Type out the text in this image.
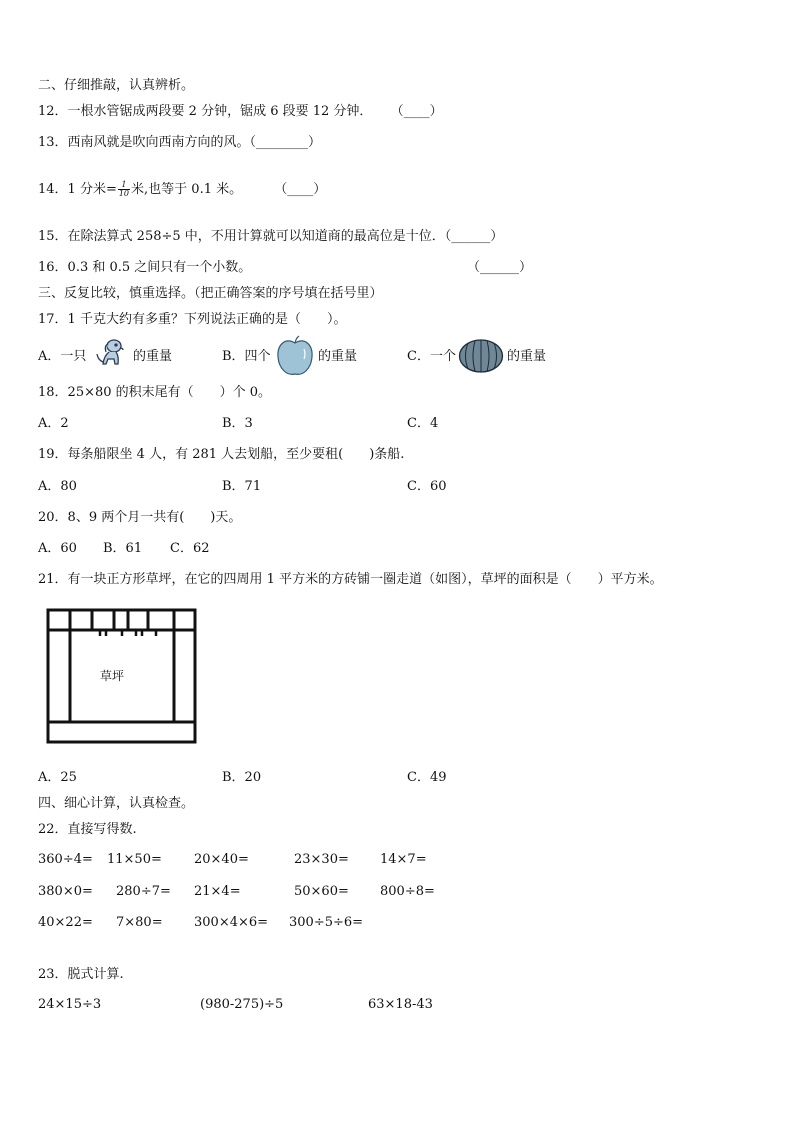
二、仔细推敲，认真辨析。
12．一根水管锯成两段要 2 分钟，锯成 6 段要 12 分钟． （____）
13．西南风就是吹向西南方向的风。（________）
14．1 分米= $\frac{1}{10}$ 米,也等于 0.1 米。 （____）
15．在除法算式 258÷5 中，不用计算就可以知道商的最高位是十位．（______）
16．0.3 和 0.5 之间只有一个小数。	（______）
三、反复比较，慎重选择。（把正确答案的序号填在括号里）
17．1 千克大约有多重？下列说法正确的是（　　）。
A．一只	的重量	B．四个	的重量	C．一个	的重量
18．25×80 的积末尾有（　　）个 0。
A．2	B．3	C．4
19．每条船限坐 4 人，有 281 人去划船，至少要租(　　)条船.
A．80	B．71	C．60
20．8、9 两个月一共有(　　)天。
A．60 B．61 C．62
21．有一块正方形草坪，在它的四周用 1 平方米的方砖铺一圈走道（如图），草坪的面积是（　　）平方米。
草坪
A．25	B．20	C．49
四、细心计算，认真检查。
22．直接写得数.
360÷4= 11×50= 20×40=	23×30= 14×7=
380×0= 280÷7= 21×4=	50×60= 800÷8=
40×22= 7×80= 300×4×6= 300÷5÷6=
23．脱式计算.
24×15÷3	(980-275)÷5	63×18-43
